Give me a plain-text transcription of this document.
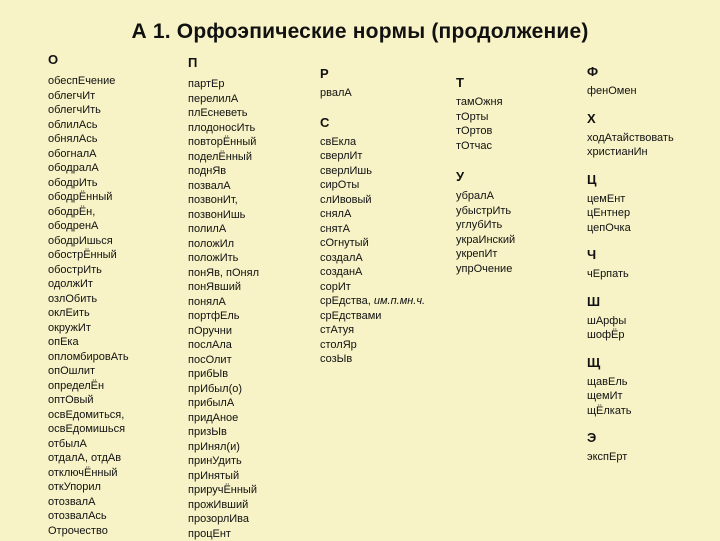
А 1. Орфоэпические нормы (продолжение)
О
обеспЕчение
облегчИт
облегчИть
облилАсь
обнялАсь
обогналА
ободралА
ободрИть
ободрЁнный
ободрЁн,
ободренА
ободрИшься
обострЁнный
обострИть
одолжИт
озлОбить
оклЕить
окружИт
опЕка
опломбировАть
опОшлит
определЁн
оптОвый
освЕдомиться,
освЕдомишься
отбылА
отдалА, отдАв
отключЁнный
откУпорил
отозвалА
отозвалАсь
Отрочество
П
партЕр
перелилА
плЕсневеть
плодоносИть
повторЁнный
поделЁнный
поднЯв
позвалА
позвонИт,
позвонИшь
полилА
положИл
положИть
понЯв, пОнял
понЯвший
понялА
портфЕль
пОручни
послАла
посОлит
прибЫв
прИбыл(о)
прибылА
придАное
призЫв
прИнял(и)
принУдить
прИнятый
приручЁнный
прожИвший
прозорлИва
процЕнт
Р
рвалА
С
свЕкла
сверлИт
сверлИшь
сирОты
слИвовый
снялА
снятА
сОгнутый
создалА
созданА
сорИт
срЕдства, им.п.мн.ч.
срЕдствами
стАтуя
столЯр
созЫв
Т
тамОжня
тОрты
тОртов
тОтчас
У
убралА
убыстрИть
углубИть
украИнский
укрепИт
упрОчение
Ф
фенОмен
Х
ходАтайствовать
христианИн
Ц
цемЕнт
цЕнтнер
цепОчка
Ч
чЕрпать
Ш
шАрфы
шофЁр
Щ
щавЕль
щемИт
щЁлкать
Э
экспЕрт
